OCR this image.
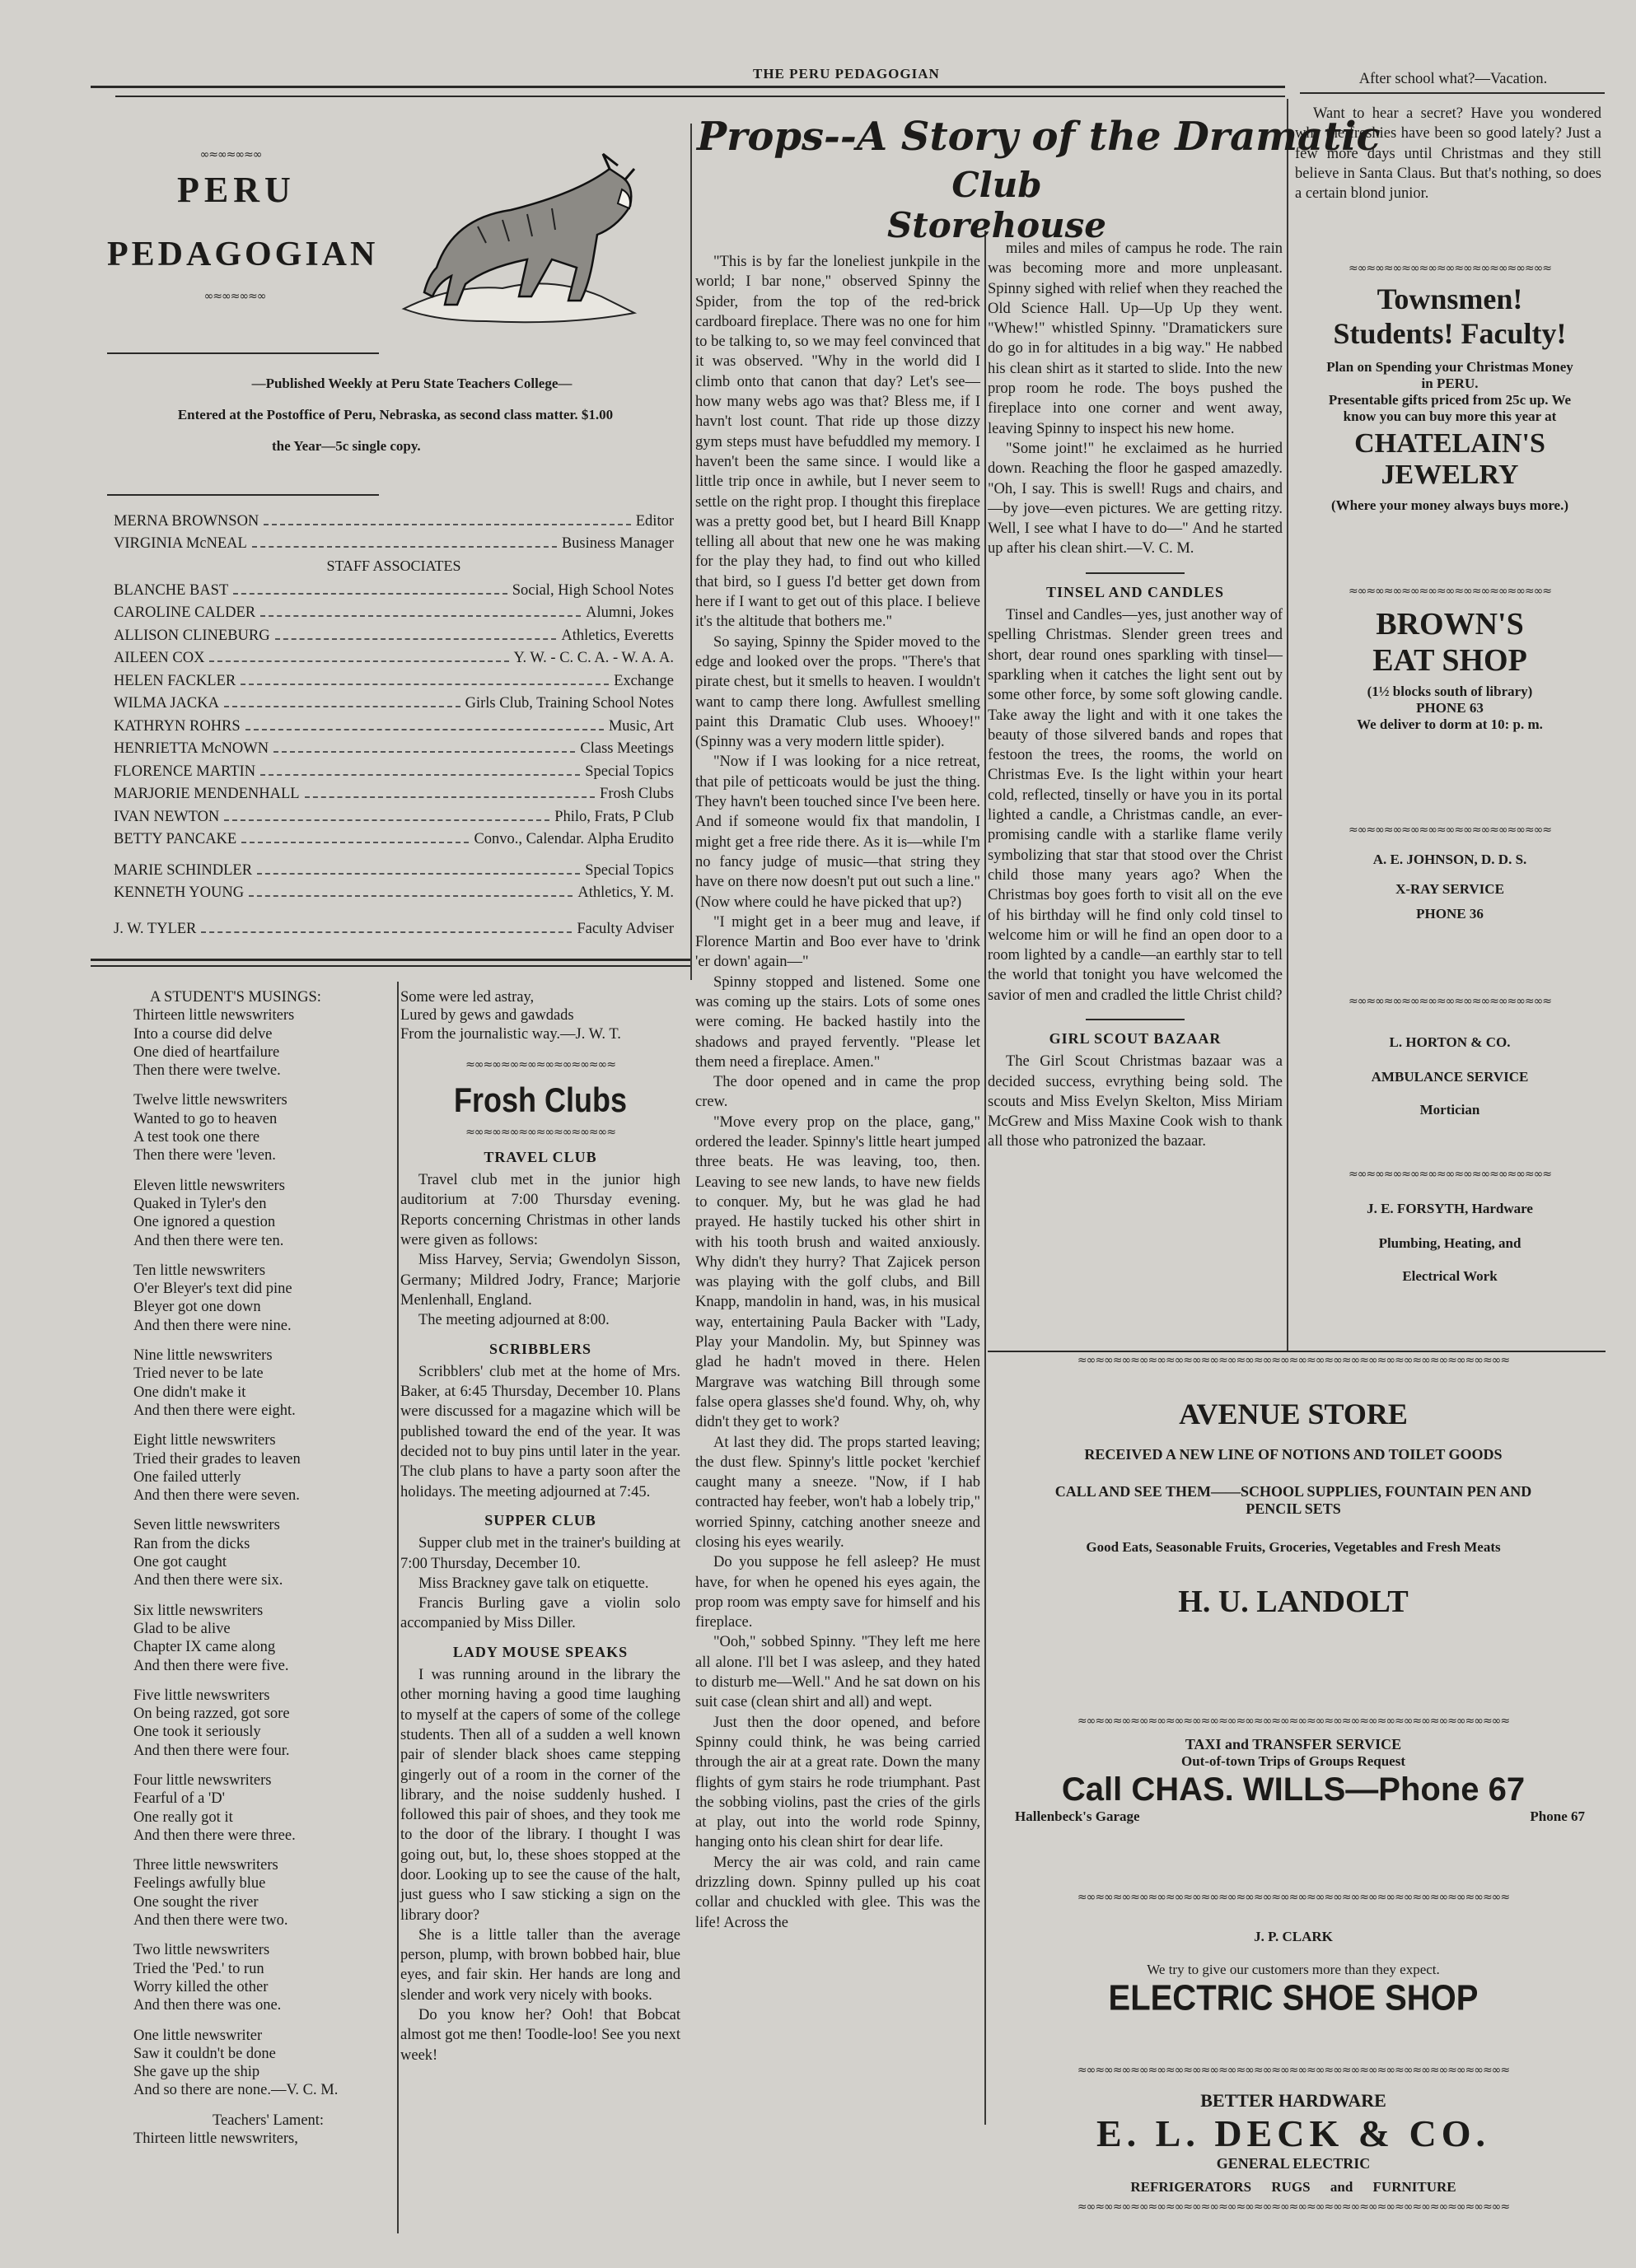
THE PERU PEDAGOGIAN	After school what?—Vacation.
∞≈∞≈∞≈∞
PERU
PEDAGOGIAN
∞≈∞≈∞≈∞
—Published Weekly at Peru State Teachers College—
Entered at the Postoffice of Peru, Nebraska, as second class matter. $1.00
the Year—5c single copy.
MERNA BROWNSON	Editor
VIRGINIA McNEAL	Business Manager
STAFF ASSOCIATES
BLANCHE BAST	Social, High School Notes
CAROLINE CALDER	Alumni, Jokes
ALLISON CLINEBURG	Athletics, Everetts
AILEEN COX	Y. W. - C. C. A. - W. A. A.
HELEN FACKLER	Exchange
WILMA JACKA	Girls Club, Training School Notes
KATHRYN ROHRS	Music, Art
HENRIETTA McNOWN	Class Meetings
FLORENCE MARTIN	Special Topics
MARJORIE MENDENHALL	Frosh Clubs
IVAN NEWTON	Philo, Frats, P Club
BETTY PANCAKE	Convo., Calendar. Alpha Erudito
MARIE SCHINDLER	Special Topics
KENNETH YOUNG	Athletics, Y. M.
J. W. TYLER	Faculty Adviser
A STUDENT'S MUSINGS:
Thirteen little newswriters
Into a course did delve
One died of heartfailure
Then there were twelve.
Twelve little newswriters
Wanted to go to heaven
A test took one there
Then there were 'leven.
Eleven little newswriters
Quaked in Tyler's den
One ignored a question
And then there were ten.
Ten little newswriters
O'er Bleyer's text did pine
Bleyer got one down
And then there were nine.
Nine little newswriters
Tried never to be late
One didn't make it
And then there were eight.
Eight little newswriters
Tried their grades to leaven
One failed utterly
And then there were seven.
Seven little newswriters
Ran from the dicks
One got caught
And then there were six.
Six little newswriters
Glad to be alive
Chapter IX came along
And then there were five.
Five little newswriters
On being razzed, got sore
One took it seriously
And then there were four.
Four little newswriters
Fearful of a 'D'
One really got it
And then there were three.
Three little newswriters
Feelings awfully blue
One sought the river
And then there were two.
Two little newswriters
Tried the 'Ped.' to run
Worry killed the other
And then there was one.
One little newswriter
Saw it couldn't be done
She gave up the ship
And so there are none.—V. C. M.
Teachers' Lament:
Thirteen little newswriters,
Some were led astray,
Lured by gews and gawdads
From the journalistic way.—J. W. T.
≈∞≈∞≈∞≈∞≈∞≈∞≈∞≈∞≈
Frosh Clubs
≈∞≈∞≈∞≈∞≈∞≈∞≈∞≈∞≈
TRAVEL CLUB

Travel club met in the junior high auditorium at 7:00 Thursday evening. Reports concerning Christmas in other lands were given as follows:

Miss Harvey, Servia; Gwendolyn Sisson, Germany; Mildred Jodry, France; Marjorie Menlenhall, England.

The meeting adjourned at 8:00.

SCRIBBLERS

Scribblers' club met at the home of Mrs. Baker, at 6:45 Thursday, December 10. Plans were discussed for a magazine which will be published toward the end of the year. It was decided not to buy pins until later in the year. The club plans to have a party soon after the holidays. The meeting adjourned at 7:45.

SUPPER CLUB

Supper club met in the trainer's building at 7:00 Thursday, December 10.

Miss Brackney gave talk on etiquette.

Francis Burling gave a violin solo accompanied by Miss Diller.

LADY MOUSE SPEAKS

I was running around in the library the other morning having a good time laughing to myself at the capers of some of the college students. Then all of a sudden a well known pair of slender black shoes came stepping gingerly out of a room in the corner of the library, and the noise suddenly hushed. I followed this pair of shoes, and they took me to the door of the library. I thought I was going out, but, lo, these shoes stopped at the door. Looking up to see the cause of the halt, just guess who I saw sticking a sign on the library door?

She is a little taller than the average person, plump, with brown bobbed hair, blue eyes, and fair skin. Her hands are long and slender and work very nicely with books.

Do you know her? Ooh! that Bobcat almost got me then! Toodle-loo! See you next week!

Props--A Story of the Dramatic
Club Storehouse

"This is by far the loneliest junkpile in the world; I bar none," observed Spinny the Spider, from the top of the red-brick cardboard fireplace. There was no one for him to be talking to, so we may feel convinced that it was observed. "Why in the world did I climb onto that canon that day? Let's see—how many webs ago was that? Bless me, if I havn't lost count. That ride up those dizzy gym steps must have befuddled my memory. I haven't been the same since. I would like a little trip once in awhile, but I never seem to settle on the right prop. I thought this fireplace was a pretty good bet, but I heard Bill Knapp telling all about that new one he was making for the play they had, to find out who killed that bird, so I guess I'd better get down from here if I want to get out of this place. I believe it's the altitude that bothers me."

So saying, Spinny the Spider moved to the edge and looked over the props. "There's that pirate chest, but it smells to heaven. I wouldn't want to camp there long. Awfullest smelling paint this Dramatic Club uses. Whooey!" (Spinny was a very modern little spider).

"Now if I was looking for a nice retreat, that pile of petticoats would be just the thing. They havn't been touched since I've been here. And if someone would fix that mandolin, I might get a free ride there. As it is—while I'm no fancy judge of music—that string they have on there now doesn't put out such a line." (Now where could he have picked that up?)

"I might get in a beer mug and leave, if Florence Martin and Boo ever have to 'drink 'er down' again—"

Spinny stopped and listened. Some one was coming up the stairs. Lots of some ones were coming. He backed hastily into the shadows and prayed fervently. "Please let them need a fireplace. Amen."

The door opened and in came the prop crew.

"Move every prop on the place, gang," ordered the leader. Spinny's little heart jumped three beats. He was leaving, too, then. Leaving to see new lands, to have new fields to conquer. My, but he was glad he had prayed. He hastily tucked his other shirt in with his tooth brush and waited anxiously. Why didn't they hurry? That Zajicek person was playing with the golf clubs, and Bill Knapp, mandolin in hand, was, in his musical way, entertaining Paula Backer with "Lady, Play your Mandolin. My, but Spinney was glad he hadn't moved in there. Helen Margrave was watching Bill through some false opera glasses she'd found. Why, oh, why didn't they get to work?

At last they did. The props started leaving; the dust flew. Spinny's little pocket 'kerchief caught many a sneeze. "Now, if I hab contracted hay feeber, won't hab a lobely trip," worried Spinny, catching another sneeze and closing his eyes wearily.

Do you suppose he fell asleep? He must have, for when he opened his eyes again, the prop room was empty save for himself and his fireplace.

"Ooh," sobbed Spinny. "They left me here all alone. I'll bet I was asleep, and they hated to disturb me—Well." And he sat down on his suit case (clean shirt and all) and wept.

Just then the door opened, and before Spinny could think, he was being carried through the air at a great rate. Down the many flights of gym stairs he rode triumphant. Past the sobbing violins, past the cries of the girls at play, out into the world rode Spinny, hanging onto his clean shirt for dear life.

Mercy the air was cold, and rain came drizzling down. Spinny pulled up his coat collar and chuckled with glee. This was the life! Across the

miles and miles of campus he rode. The rain was becoming more and more unpleasant. Spinny sighed with relief when they reached the Old Science Hall. Up—Up Up they went. "Whew!" whistled Spinny. "Dramatickers sure do go in for altitudes in a big way." He nabbed his clean shirt as it started to slide. Into the new prop room he rode. The boys pushed the fireplace into one corner and went away, leaving Spinny to inspect his new home.

"Some joint!" he exclaimed as he hurried down. Reaching the floor he gasped amazedly. "Oh, I say. This is swell! Rugs and chairs, and—by jove—even pictures. We are getting ritzy. Well, I see what I have to do—" And he started up after his clean shirt.—V. C. M.

TINSEL AND CANDLES

Tinsel and Candles—yes, just another way of spelling Christmas. Slender green trees and short, dear round ones sparkling with tinsel—sparkling when it catches the light sent out by some other force, by some soft glowing candle. Take away the light and with it one takes the beauty of those silvered bands and ropes that festoon the trees, the rooms, the world on Christmas Eve. Is the light within your heart cold, reflected, tinselly or have you in its portal lighted a candle, a Christmas candle, an ever-promising candle with a starlike flame verily symbolizing that star that stood over the Christ child those many years ago? When the Christmas boy goes forth to visit all on the eve of his birthday will he find only cold tinsel to welcome him or will he find an open door to a room lighted by a candle—an earthly star to tell the world that tonight you have welcomed the savior of men and cradled the little Christ child?

GIRL SCOUT BAZAAR

The Girl Scout Christmas bazaar was a decided success, evrything being sold. The scouts and Miss Evelyn Skelton, Miss Miriam McGrew and Miss Maxine Cook wish to thank all those who patronized the bazaar.

Want to hear a secret? Have you wondered why the freshies have been so good lately? Just a few more days until Christmas and they still believe in Santa Claus. But that's nothing, so does a certain blond junior.

≈∞≈∞≈∞≈∞≈∞≈∞≈∞≈∞≈∞≈∞≈∞≈
Townsmen!
Students! Faculty!
Plan on Spending your Christmas Money in PERU.
Presentable gifts priced from 25c up. We know you can buy more this year at
CHATELAIN'S
JEWELRY
(Where your money always buys more.)
≈∞≈∞≈∞≈∞≈∞≈∞≈∞≈∞≈∞≈∞≈∞≈
BROWN'S
EAT SHOP
(1½ blocks south of library)
PHONE 63
We deliver to dorm at 10: p. m.
≈∞≈∞≈∞≈∞≈∞≈∞≈∞≈∞≈∞≈∞≈∞≈
A. E. JOHNSON, D. D. S.
X-RAY SERVICE
PHONE 36
≈∞≈∞≈∞≈∞≈∞≈∞≈∞≈∞≈∞≈∞≈∞≈
L. HORTON & CO.
AMBULANCE SERVICE
Mortician
≈∞≈∞≈∞≈∞≈∞≈∞≈∞≈∞≈∞≈∞≈∞≈
J. E. FORSYTH, Hardware
Plumbing, Heating, and
Electrical Work
≈∞≈∞≈∞≈∞≈∞≈∞≈∞≈∞≈∞≈∞≈∞≈∞≈∞≈∞≈∞≈∞≈∞≈∞≈∞≈∞≈∞≈∞≈∞≈∞≈
AVENUE STORE
RECEIVED A NEW LINE OF NOTIONS AND TOILET GOODS
CALL AND SEE THEM——SCHOOL SUPPLIES, FOUNTAIN PEN AND PENCIL SETS
Good Eats, Seasonable Fruits, Groceries, Vegetables and Fresh Meats
H. U. LANDOLT
≈∞≈∞≈∞≈∞≈∞≈∞≈∞≈∞≈∞≈∞≈∞≈∞≈∞≈∞≈∞≈∞≈∞≈∞≈∞≈∞≈∞≈∞≈∞≈∞≈
TAXI and TRANSFER SERVICE
Out-of-town Trips of Groups Request
Call CHAS. WILLS—Phone 67
Hallenbeck's Garage	Phone 67
≈∞≈∞≈∞≈∞≈∞≈∞≈∞≈∞≈∞≈∞≈∞≈∞≈∞≈∞≈∞≈∞≈∞≈∞≈∞≈∞≈∞≈∞≈∞≈∞≈
J. P. CLARK
We try to give our customers more than they expect.
ELECTRIC SHOE SHOP
≈∞≈∞≈∞≈∞≈∞≈∞≈∞≈∞≈∞≈∞≈∞≈∞≈∞≈∞≈∞≈∞≈∞≈∞≈∞≈∞≈∞≈∞≈∞≈∞≈
BETTER HARDWARE
E. L. DECK & CO.
GENERAL ELECTRIC
REFRIGERATORS RUGS and FURNITURE
≈∞≈∞≈∞≈∞≈∞≈∞≈∞≈∞≈∞≈∞≈∞≈∞≈∞≈∞≈∞≈∞≈∞≈∞≈∞≈∞≈∞≈∞≈∞≈∞≈
